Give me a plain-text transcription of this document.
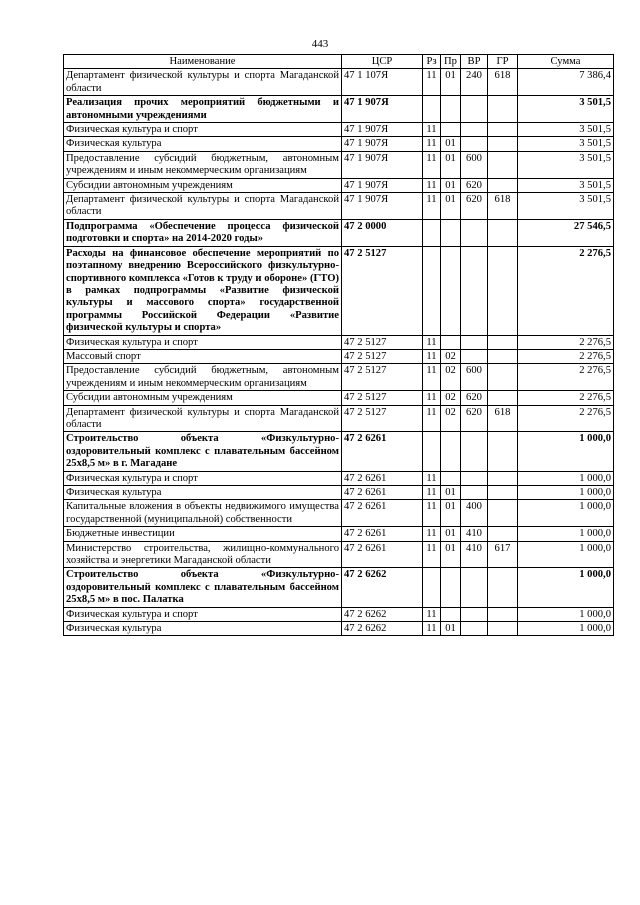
443
Наименование	ЦСР	Рз	Пр	ВР	ГР	Сумма
Департамент физической культуры и спорта Магаданской области	47 1 107Я	11	01	240	618	7 386,4
Реализация прочих мероприятий бюджетными и автономными учреждениями	47 1 907Я					3 501,5
Физическая культура и спорт	47 1 907Я	11				3 501,5
Физическая культура	47 1 907Я	11	01			3 501,5
Предоставление субсидий бюджетным, автономным учреждениям и иным некоммерческим организациям	47 1 907Я	11	01	600		3 501,5
Субсидии автономным учреждениям	47 1 907Я	11	01	620		3 501,5
Департамент физической культуры и спорта Магаданской области	47 1 907Я	11	01	620	618	3 501,5
Подпрограмма «Обеспечение процесса физической подготовки и спорта» на 2014-2020 годы»	47 2 0000					27 546,5
Расходы на финансовое обеспечение мероприятий по поэтапному внедрению Всероссийского физкультурно-спортивного комплекса «Готов к труду и обороне» (ГТО) в рамках подпрограммы «Развитие физической культуры и массового спорта» государственной программы Российской Федерации «Развитие физической культуры и спорта»	47 2 5127					2 276,5
Физическая культура и спорт	47 2 5127	11				2 276,5
Массовый спорт	47 2 5127	11	02			2 276,5
Предоставление субсидий бюджетным, автономным учреждениям и иным некоммерческим организациям	47 2 5127	11	02	600		2 276,5
Субсидии автономным учреждениям	47 2 5127	11	02	620		2 276,5
Департамент физической культуры и спорта Магаданской области	47 2 5127	11	02	620	618	2 276,5
Строительство объекта «Физкультурно-оздоровительный комплекс с плавательным бассейном 25х8,5 м» в г. Магадане	47 2 6261					1 000,0
Физическая культура и спорт	47 2 6261	11				1 000,0
Физическая культура	47 2 6261	11	01			1 000,0
Капитальные вложения в объекты недвижимого имущества государственной (муниципальной) собственности	47 2 6261	11	01	400		1 000,0
Бюджетные инвестиции	47 2 6261	11	01	410		1 000,0
Министерство строительства, жилищно-коммунального хозяйства и энергетики Магаданской области	47 2 6261	11	01	410	617	1 000,0
Строительство объекта «Физкультурно-оздоровительный комплекс с плавательным бассейном 25х8,5 м» в пос. Палатка	47 2 6262					1 000,0
Физическая культура и спорт	47 2 6262	11				1 000,0
Физическая культура	47 2 6262	11	01			1 000,0
